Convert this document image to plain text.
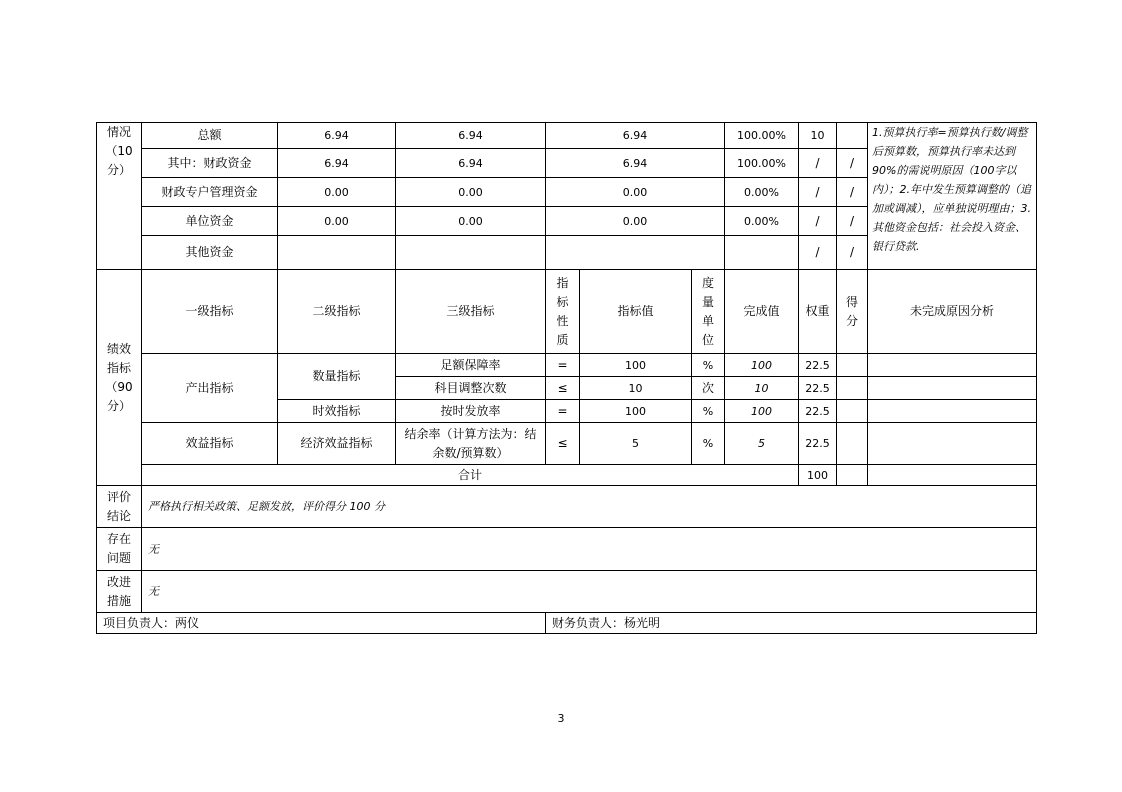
情况
（10
分）	总额	6.94	6.94	6.94			100.00%	10		1.预算执行率=预算执行数/调整后预算数，预算执行率未达到90%的需说明原因（100字以内）；2.年中发生预算调整的（追加或调减），应单独说明理由；3.其他资金包括：社会投入资金、银行贷款.
	其中：财政资金	6.94	6.94	6.94			100.00%	/	/	
	财政专户管理资金	0.00	0.00	0.00			0.00%	/	/	
	单位资金	0.00	0.00	0.00			0.00%	/	/	
	其他资金							/	/	
绩效
指标
（90
分）	一级指标	二级指标	三级指标	指
标
性
质	指标值	度
量
单
位	完成值	权重	得
分	未完成原因分析
	产出指标	数量指标	足额保障率	=	100	%	100	22.5		
			科目调整次数	≤	10	次	10	22.5		
		时效指标	按时发放率	=	100	%	100	22.5		
	效益指标	经济效益指标	结余率（计算方法为：结余数/预算数）	≤	5	%	5	22.5		
	合计							100		
评价
结论	严格执行相关政策、足额发放，评价得分 100 分									
存在
问题	无									
改进
措施	无									
项目负责人：两仪				财务负责人：杨光明						
3
